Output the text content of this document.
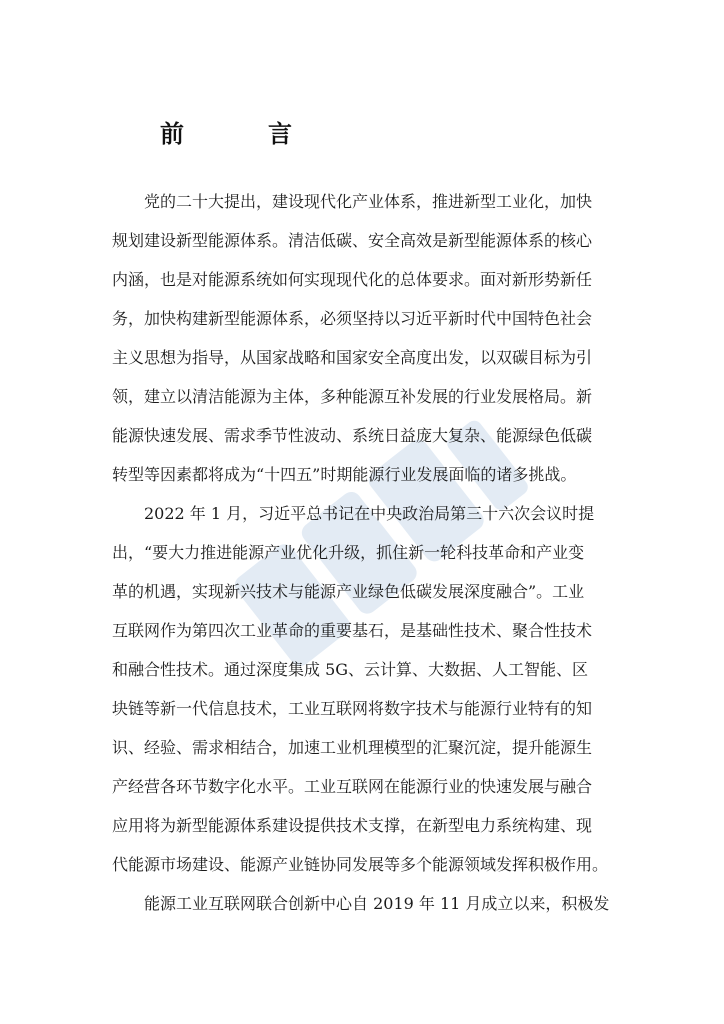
前　言
党的二十大提出，建设现代化产业体系，推进新型工业化，加快
规划建设新型能源体系。清洁低碳、安全高效是新型能源体系的核心
内涵，也是对能源系统如何实现现代化的总体要求。面对新形势新任
务，加快构建新型能源体系，必须坚持以习近平新时代中国特色社会
主义思想为指导，从国家战略和国家安全高度出发，以双碳目标为引
领，建立以清洁能源为主体，多种能源互补发展的行业发展格局。新
能源快速发展、需求季节性波动、系统日益庞大复杂、能源绿色低碳
转型等因素都将成为“十四五”时期能源行业发展面临的诸多挑战。
2022 年 1 月，习近平总书记在中央政治局第三十六次会议时提
出，“要大力推进能源产业优化升级，抓住新一轮科技革命和产业变
革的机遇，实现新兴技术与能源产业绿色低碳发展深度融合”。工业
互联网作为第四次工业革命的重要基石，是基础性技术、聚合性技术
和融合性技术。通过深度集成 5G、云计算、大数据、人工智能、区
块链等新一代信息技术，工业互联网将数字技术与能源行业特有的知
识、经验、需求相结合，加速工业机理模型的汇聚沉淀，提升能源生
产经营各环节数字化水平。工业互联网在能源行业的快速发展与融合
应用将为新型能源体系建设提供技术支撑，在新型电力系统构建、现
代能源市场建设、能源产业链协同发展等多个能源领域发挥积极作用。
能源工业互联网联合创新中心自 2019 年 11 月成立以来，积极发
